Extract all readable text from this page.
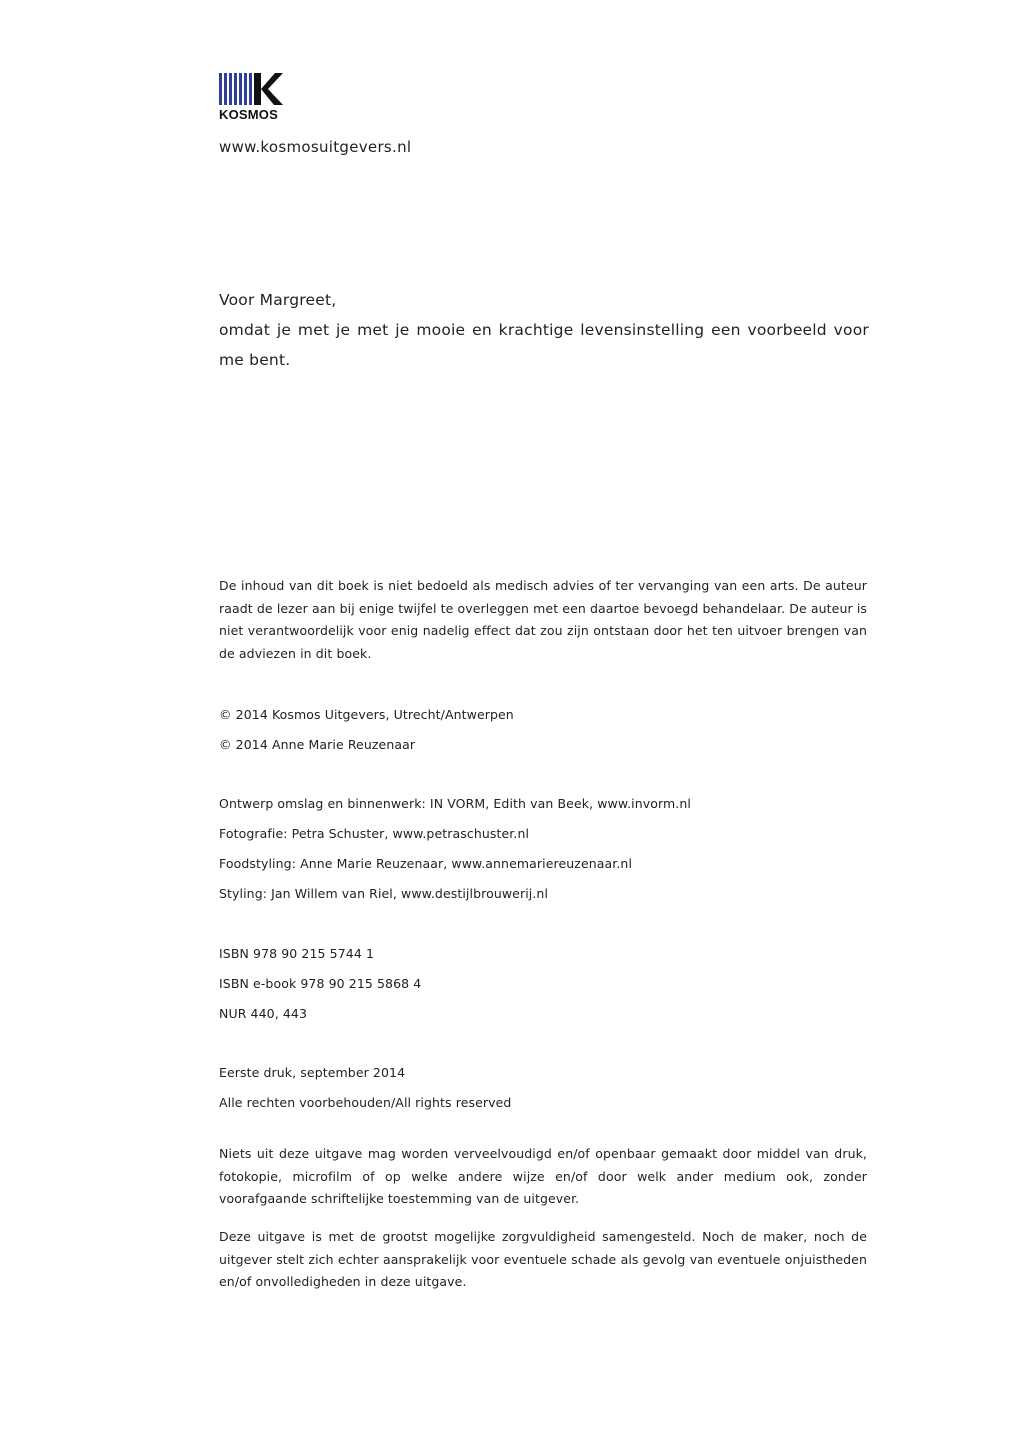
KOSMOS
www.kosmosuitgevers.nl

Voor Margreet,

omdat je met je met je mooie en krachtige levensinstelling een voorbeeld voor me bent.

De inhoud van dit boek is niet bedoeld als medisch advies of ter vervanging van een arts. De auteur raadt de lezer aan bij enige twijfel te overleggen met een daartoe bevoegd behandelaar. De auteur is niet verantwoordelijk voor enig nadelig effect dat zou zijn ontstaan door het ten uitvoer brengen van de adviezen in dit boek.

© 2014 Kosmos Uitgevers, Utrecht/Antwerpen
© 2014 Anne Marie Reuzenaar
Ontwerp omslag en binnenwerk: IN VORM, Edith van Beek, www.invorm.nl
Fotografie: Petra Schuster, www.petraschuster.nl
Foodstyling: Anne Marie Reuzenaar, www.annemariereuzenaar.nl
Styling: Jan Willem van Riel, www.destijlbrouwerij.nl
ISBN 978 90 215 5744 1
ISBN e-book 978 90 215 5868 4
NUR 440, 443
Eerste druk, september 2014
Alle rechten voorbehouden/All rights reserved

Niets uit deze uitgave mag worden verveelvoudigd en/of openbaar gemaakt door middel van druk, fotokopie, microfilm of op welke andere wijze en/of door welk ander medium ook, zonder voorafgaande schriftelijke toestemming van de uitgever.

Deze uitgave is met de grootst mogelijke zorgvuldigheid samengesteld. Noch de maker, noch de uitgever stelt zich echter aansprakelijk voor eventuele schade als gevolg van eventuele onjuistheden en/of onvolledigheden in deze uitgave.
